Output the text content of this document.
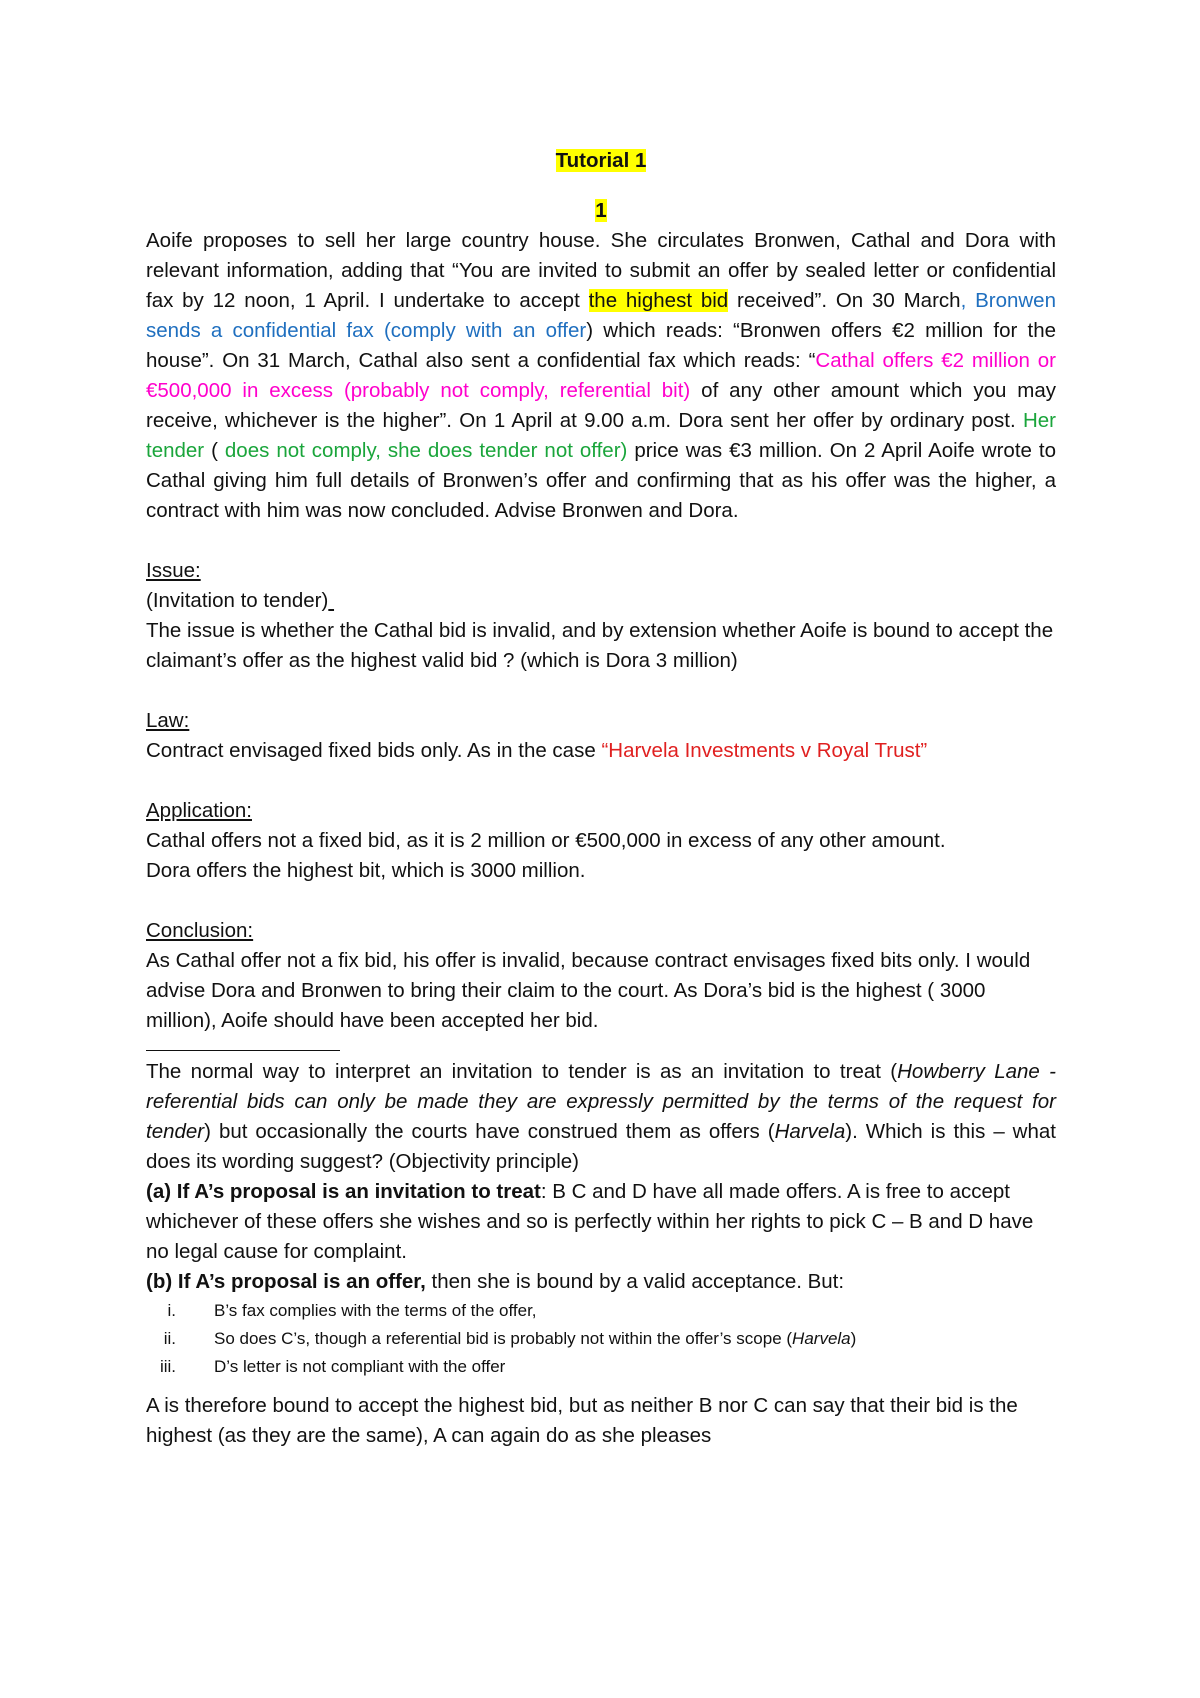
Tutorial 1
1

Aoife proposes to sell her large country house. She circulates Bronwen, Cathal and Dora with relevant information, adding that “You are invited to submit an offer by sealed letter or confidential fax by 12 noon, 1 April. I undertake to accept the highest bid received”. On 30 March, Bronwen sends a confidential fax (comply with an offer) which reads: “Bronwen offers €2 million for the house”. On 31 March, Cathal also sent a confidential fax which reads: “Cathal offers €2 million or €500,000 in excess (probably not comply, referential bit) of any other amount which you may receive, whichever is the higher”. On 1 April at 9.00 a.m. Dora sent her offer by ordinary post. Her tender ( does not comply, she does tender not offer) price was €3 million. On 2 April Aoife wrote to Cathal giving him full details of Bronwen’s offer and confirming that as his offer was the higher, a contract with him was now concluded. Advise Bronwen and Dora.

Issue:

(Invitation to tender)

The issue is whether the Cathal bid is invalid, and by extension whether Aoife is bound to accept the claimant’s offer as the highest valid bid ? (which is Dora 3 million)

Law:

Contract envisaged fixed bids only. As in the case “Harvela Investments v Royal Trust”

Application:

Cathal offers not a fixed bid, as it is 2 million or €500,000 in excess of any other amount.

Dora offers the highest bit, which is 3000 million.

Conclusion:

As Cathal offer not a fix bid, his offer is invalid, because contract envisages fixed bits only. I would advise Dora and Bronwen to bring their claim to the court. As Dora’s bid is the highest ( 3000 million), Aoife should have been accepted her bid.

The normal way to interpret an invitation to tender is as an invitation to treat (Howberry Lane - referential bids can only be made they are expressly permitted by the terms of the request for tender) but occasionally the courts have construed them as offers (Harvela). Which is this – what does its wording suggest? (Objectivity principle)

(a) If A’s proposal is an invitation to treat: B C and D have all made offers. A is free to accept whichever of these offers she wishes and so is perfectly within her rights to pick C – B and D have no legal cause for complaint.

(b) If A’s proposal is an offer, then she is bound by a valid acceptance. But:

i. B’s fax complies with the terms of the offer,
ii. So does C’s, though a referential bid is probably not within the offer’s scope (Harvela)
iii. D’s letter is not compliant with the offer

A is therefore bound to accept the highest bid, but as neither B nor C can say that their bid is the highest (as they are the same), A can again do as she pleases
